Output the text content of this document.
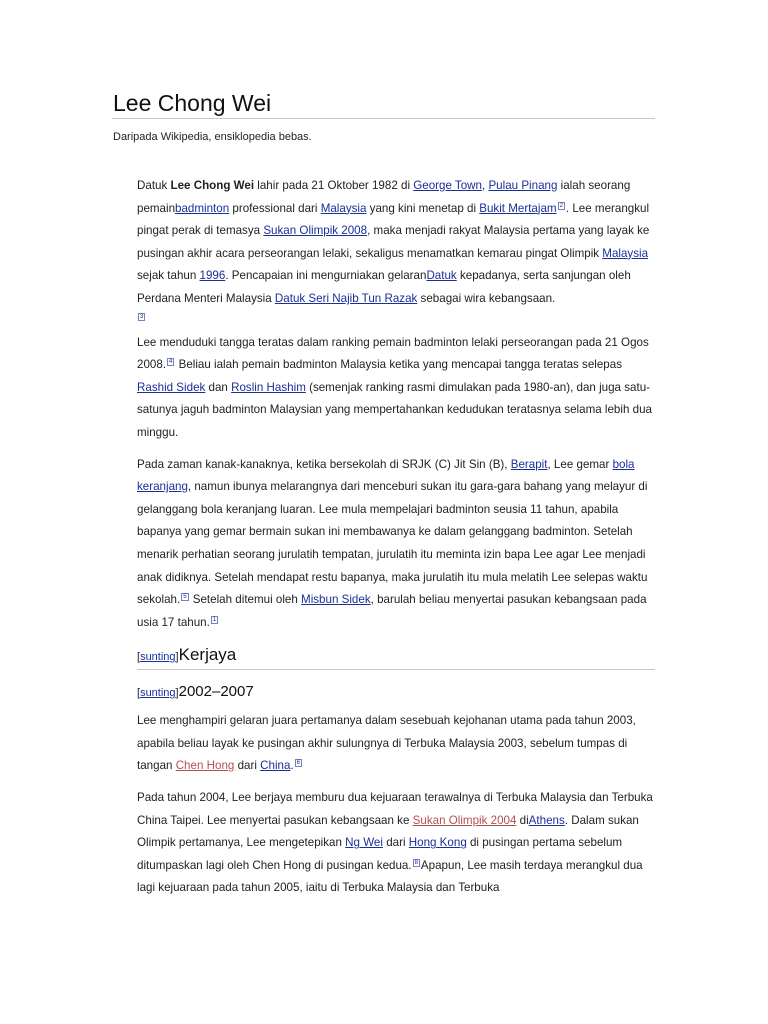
Lee Chong Wei
Daripada Wikipedia, ensiklopedia bebas.

Datuk Lee Chong Wei lahir pada 21 Oktober 1982 di George Town, Pulau Pinang ialah seorang pemainbadminton professional dari Malaysia yang kini menetap di Bukit Mertajam $^2$ . Lee merangkul pingat perak di temasya Sukan Olimpik 2008, maka menjadi rakyat Malaysia pertama yang layak ke pusingan akhir acara perseorangan lelaki, sekaligus menamatkan kemarau pingat Olimpik Malaysia sejak tahun 1996. Pencapaian ini mengurniakan gelaranDatuk kepadanya, serta sanjungan oleh Perdana Menteri Malaysia Datuk Seri Najib Tun Razak sebagai wira kebangsaan.
$^3$

Lee menduduki tangga teratas dalam ranking pemain badminton lelaki perseorangan pada 21 Ogos 2008. $^4$ Beliau ialah pemain badminton Malaysia ketika yang mencapai tangga teratas selepas Rashid Sidek dan Roslin Hashim (semenjak ranking rasmi dimulakan pada 1980-an), dan juga satu-satunya jaguh badminton Malaysian yang mempertahankan kedudukan teratasnya selama lebih dua minggu.

Pada zaman kanak-kanaknya, ketika bersekolah di SRJK (C) Jit Sin (B), Berapit, Lee gemar bola keranjang, namun ibunya melarangnya dari menceburi sukan itu gara-gara bahang yang melayur di gelanggang bola keranjang luaran. Lee mula mempelajari badminton seusia 11 tahun, apabila bapanya yang gemar bermain sukan ini membawanya ke dalam gelanggang badminton. Setelah menarik perhatian seorang jurulatih tempatan, jurulatih itu meminta izin bapa Lee agar Lee menjadi anak didiknya. Setelah mendapat restu bapanya, maka jurulatih itu mula melatih Lee selepas waktu sekolah. $^5$ Setelah ditemui oleh Misbun Sidek, barulah beliau menyertai pasukan kebangsaan pada usia 17 tahun. $^1$

[sunting]Kerjaya
[sunting]2002–2007

Lee menghampiri gelaran juara pertamanya dalam sesebuah kejohanan utama pada tahun 2003, apabila beliau layak ke pusingan akhir sulungnya di Terbuka Malaysia 2003, sebelum tumpas di tangan Chen Hong dari China. $^6$

Pada tahun 2004, Lee berjaya memburu dua kejuaraan terawalnya di Terbuka Malaysia dan Terbuka China Taipei. Lee menyertai pasukan kebangsaan ke Sukan Olimpik 2004 diAthens. Dalam sukan Olimpik pertamanya, Lee mengetepikan Ng Wei dari Hong Kong di pusingan pertama sebelum ditumpaskan lagi oleh Chen Hong di pusingan kedua. $^8$ Apapun, Lee masih terdaya merangkul dua lagi kejuaraan pada tahun 2005, iaitu di Terbuka Malaysia dan Terbuka
